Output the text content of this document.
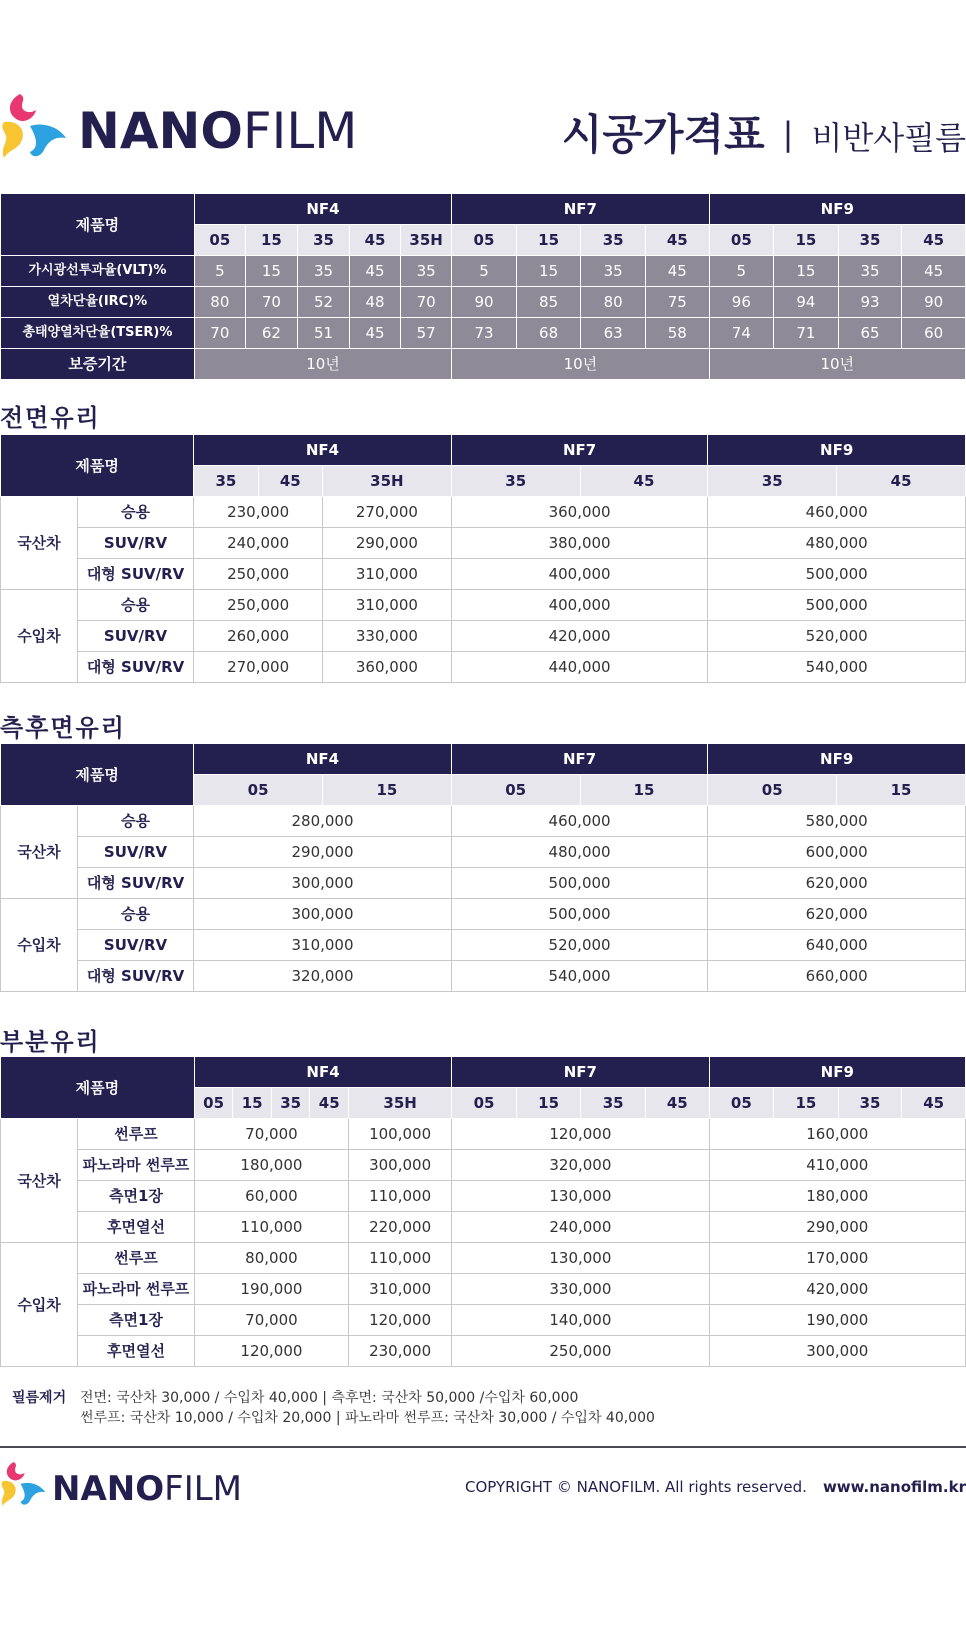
NANOFILM	시공가격표 | 비반사필름
제품명	NF4					NF7				NF9			
	05	15	35	45	35H	05	15	35	45	05	15	35	45
가시광선투과율(VLT)%	5	15	35	45	35	5	15	35	45	5	15	35	45
열차단율(IRC)%	80	70	52	48	70	90	85	80	75	96	94	93	90
총태양열차단율(TSER)%	70	62	51	45	57	73	68	63	58	74	71	65	60
보증기간	10년					10년				10년			
전면유리
제품명		NF4			NF7		NF9	
		35	45	35H	35	45	35	45
국산차	승용	230,000		270,000	360,000		460,000	
	SUV/RV	240,000		290,000	380,000		480,000	
	대형 SUV/RV	250,000		310,000	400,000		500,000	
수입차	승용	250,000		310,000	400,000		500,000	
	SUV/RV	260,000		330,000	420,000		520,000	
	대형 SUV/RV	270,000		360,000	440,000		540,000	
측후면유리
제품명		NF4		NF7		NF9	
		05	15	05	15	05	15
국산차	승용	280,000		460,000		580,000	
	SUV/RV	290,000		480,000		600,000	
	대형 SUV/RV	300,000		500,000		620,000	
수입차	승용	300,000		500,000		620,000	
	SUV/RV	310,000		520,000		640,000	
	대형 SUV/RV	320,000		540,000		660,000	
부분유리
제품명		NF4					NF7				NF9			
		05	15	35	45	35H	05	15	35	45	05	15	35	45
국산차	썬루프	70,000				100,000	120,000				160,000			
	파노라마 썬루프	180,000				300,000	320,000				410,000			
	측면1장	60,000				110,000	130,000				180,000			
	후면열선	110,000				220,000	240,000				290,000			
수입차	썬루프	80,000				110,000	130,000				170,000			
	파노라마 썬루프	190,000				310,000	330,000				420,000			
	측면1장	70,000				120,000	140,000				190,000			
	후면열선	120,000				230,000	250,000				300,000			
필름제거 전면: 국산차 30,000 / 수입차 40,000 | 측후면: 국산차 50,000 /수입차 60,000
썬루프: 국산차 10,000 / 수입차 20,000 | 파노라마 썬루프: 국산차 30,000 / 수입차 40,000
NANOFILM	COPYRIGHT © NANOFILM. All rights reserved. www.nanofilm.kr
